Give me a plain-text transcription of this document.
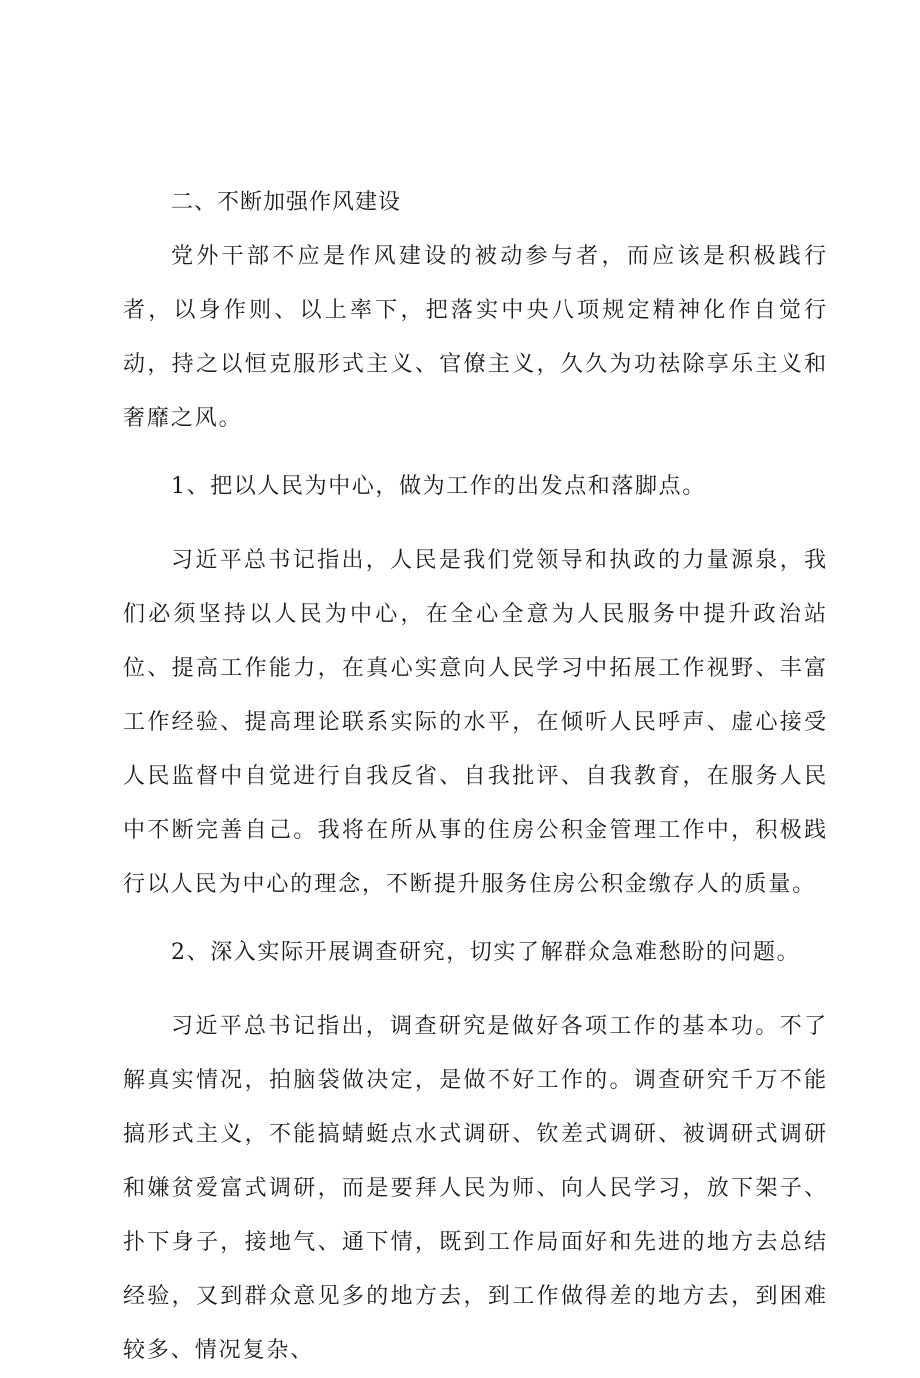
二、不断加强作风建设

党外干部不应是作风建设的被动参与者，而应该是积极践行者，以身作则、以上率下，把落实中央八项规定精神化作自觉行动，持之以恒克服形式主义、官僚主义，久久为功祛除享乐主义和奢靡之风。

1、把以人民为中心，做为工作的出发点和落脚点。

习近平总书记指出，人民是我们党领导和执政的力量源泉，我们必须坚持以人民为中心，在全心全意为人民服务中提升政治站位、提高工作能力，在真心实意向人民学习中拓展工作视野、丰富工作经验、提高理论联系实际的水平，在倾听人民呼声、虚心接受人民监督中自觉进行自我反省、自我批评、自我教育，在服务人民中不断完善自己。我将在所从事的住房公积金管理工作中，积极践行以人民为中心的理念，不断提升服务住房公积金缴存人的质量。

2、深入实际开展调查研究，切实了解群众急难愁盼的问题。

习近平总书记指出，调查研究是做好各项工作的基本功。不了解真实情况，拍脑袋做决定，是做不好工作的。调查研究千万不能搞形式主义，不能搞蜻蜓点水式调研、钦差式调研、被调研式调研和嫌贫爱富式调研，而是要拜人民为师、向人民学习，放下架子、扑下身子，接地气、通下情，既到工作局面好和先进的地方去总结经验，又到群众意见多的地方去，到工作做得差的地方去，到困难较多、情况复杂、
